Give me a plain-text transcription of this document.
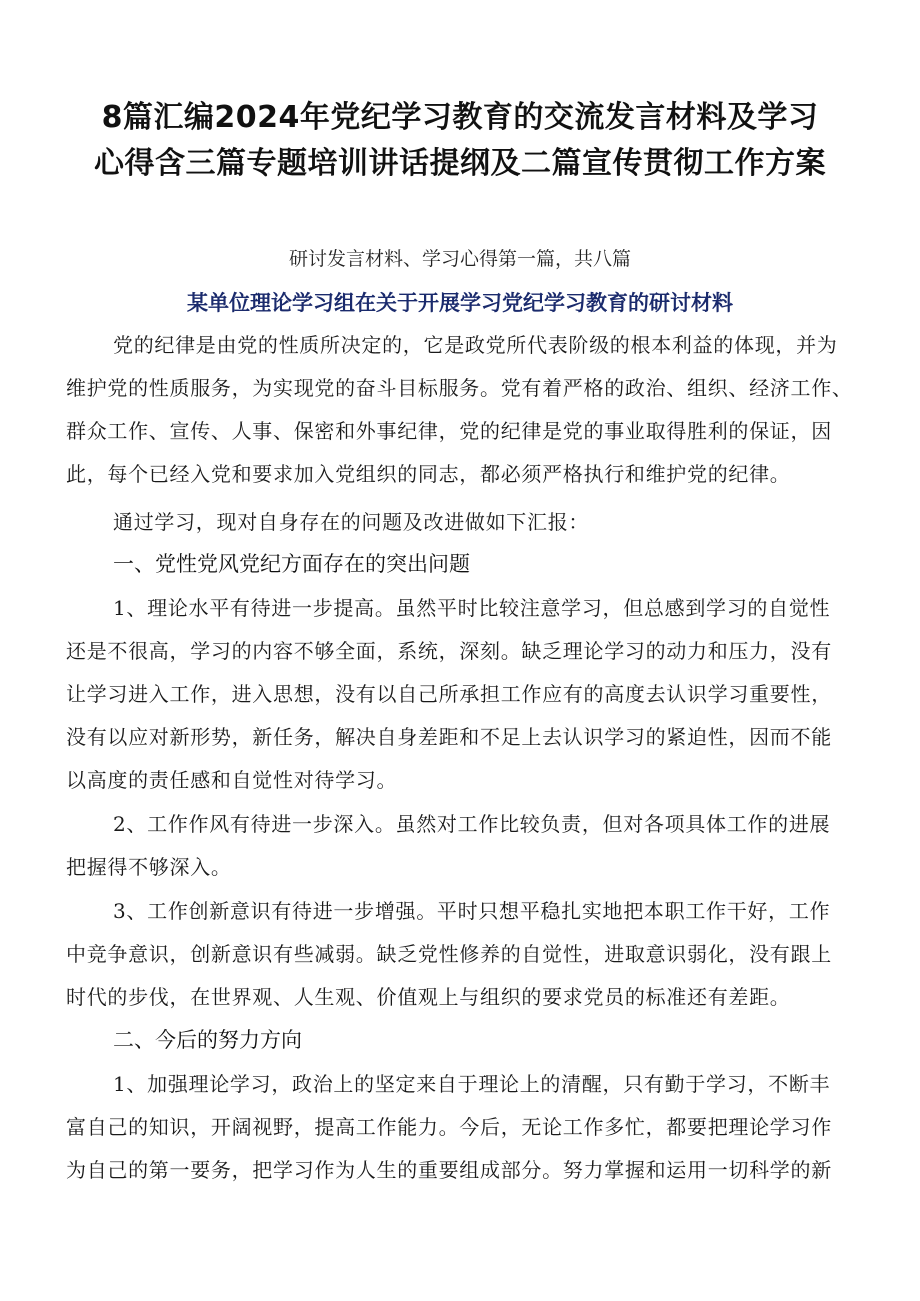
8篇汇编2024年党纪学习教育的交流发言材料及学习
心得含三篇专题培训讲话提纲及二篇宣传贯彻工作方案
研讨发言材料、学习心得第一篇，共八篇
某单位理论学习组在关于开展学习党纪学习教育的研讨材料
党的纪律是由党的性质所决定的，它是政党所代表阶级的根本利益的体现，并为
维护党的性质服务，为实现党的奋斗目标服务。党有着严格的政治、组织、经济工作、
群众工作、宣传、人事、保密和外事纪律，党的纪律是党的事业取得胜利的保证，因
此，每个已经入党和要求加入党组织的同志，都必须严格执行和维护党的纪律。
通过学习，现对自身存在的问题及改进做如下汇报：
一、党性党风党纪方面存在的突出问题
1、理论水平有待进一步提高。虽然平时比较注意学习，但总感到学习的自觉性
还是不很高，学习的内容不够全面，系统，深刻。缺乏理论学习的动力和压力，没有
让学习进入工作，进入思想，没有以自己所承担工作应有的高度去认识学习重要性，
没有以应对新形势，新任务，解决自身差距和不足上去认识学习的紧迫性，因而不能
以高度的责任感和自觉性对待学习。
2、工作作风有待进一步深入。虽然对工作比较负责，但对各项具体工作的进展
把握得不够深入。
3、工作创新意识有待进一步增强。平时只想平稳扎实地把本职工作干好，工作
中竞争意识，创新意识有些减弱。缺乏党性修养的自觉性，进取意识弱化，没有跟上
时代的步伐，在世界观、人生观、价值观上与组织的要求党员的标准还有差距。
二、今后的努力方向
1、加强理论学习，政治上的坚定来自于理论上的清醒，只有勤于学习，不断丰
富自己的知识，开阔视野，提高工作能力。今后，无论工作多忙，都要把理论学习作
为自己的第一要务，把学习作为人生的重要组成部分。努力掌握和运用一切科学的新
